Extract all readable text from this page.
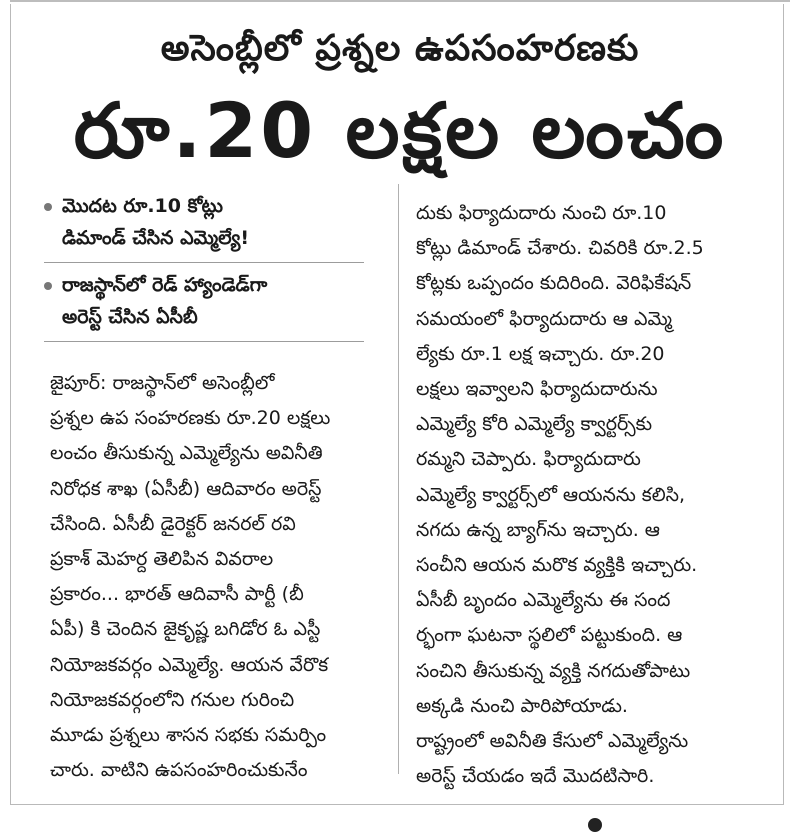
అసెంబ్లీలో ప్రశ్నల ఉపసంహరణకు
రూ.20 లక్షల లంచం
మొదట రూ.10 కోట్లు
డిమాండ్ చేసిన ఎమ్మెల్యే!
రాజస్థాన్‌లో రెడ్ హ్యాండెడ్‌గా
అరెస్ట్ చేసిన ఏసీబీ
జైపూర్: రాజస్థాన్‌లో అసెంబ్లీలో
ప్రశ్నల ఉప సంహరణకు రూ.20 లక్షలు
లంచం తీసుకున్న ఎమ్మెల్యేను అవినీతి
నిరోధక శాఖ (ఏసీబీ) ఆదివారం అరెస్ట్
చేసింది. ఏసీబీ డైరెక్టర్ జనరల్ రవి
ప్రకాశ్ మెహర్ద తెలిపిన వివరాల
ప్రకారం... భారత్ ఆదివాసీ పార్టీ (బీ
ఏపీ) కి చెందిన జైకృష్ణ బగిడోర ఓ ఎస్టీ
నియోజకవర్గం ఎమ్మెల్యే. ఆయన వేరొక
నియోజకవర్గంలోని గనుల గురించి
మూడు ప్రశ్నలు శాసన సభకు సమర్పిం
చారు. వాటిని ఉపసంహరించుకునేం
దుకు ఫిర్యాదుదారు నుంచి రూ.10
కోట్లు డిమాండ్ చేశారు. చివరికి రూ.2.5
కోట్లకు ఒప్పందం కుదిరింది. వెరిఫికేషన్
సమయంలో ఫిర్యాదుదారు ఆ ఎమ్మె
ల్యేకు రూ.1 లక్ష ఇచ్చారు. రూ.20
లక్షలు ఇవ్వాలని ఫిర్యాదుదారును
ఎమ్మెల్యే కోరి ఎమ్మెల్యే క్వార్టర్స్‌కు
రమ్మని చెప్పారు. ఫిర్యాదుదారు
ఎమ్మెల్యే క్వార్టర్స్‌లో ఆయనను కలిసి,
నగదు ఉన్న బ్యాగ్‌ను ఇచ్చారు. ఆ
సంచీని ఆయన మరొక వ్యక్తికి ఇచ్చారు.
ఏసీబీ బృందం ఎమ్మెల్యేను ఈ సంద
ర్భంగా ఘటనా స్థలిలో పట్టుకుంది. ఆ
సంచిని తీసుకున్న వ్యక్తి నగదుతోపాటు
అక్కడి నుంచి పారిపోయాడు.
రాష్ట్రంలో అవినీతి కేసులో ఎమ్మెల్యేను
అరెస్ట్ చేయడం ఇదే మొదటిసారి.
